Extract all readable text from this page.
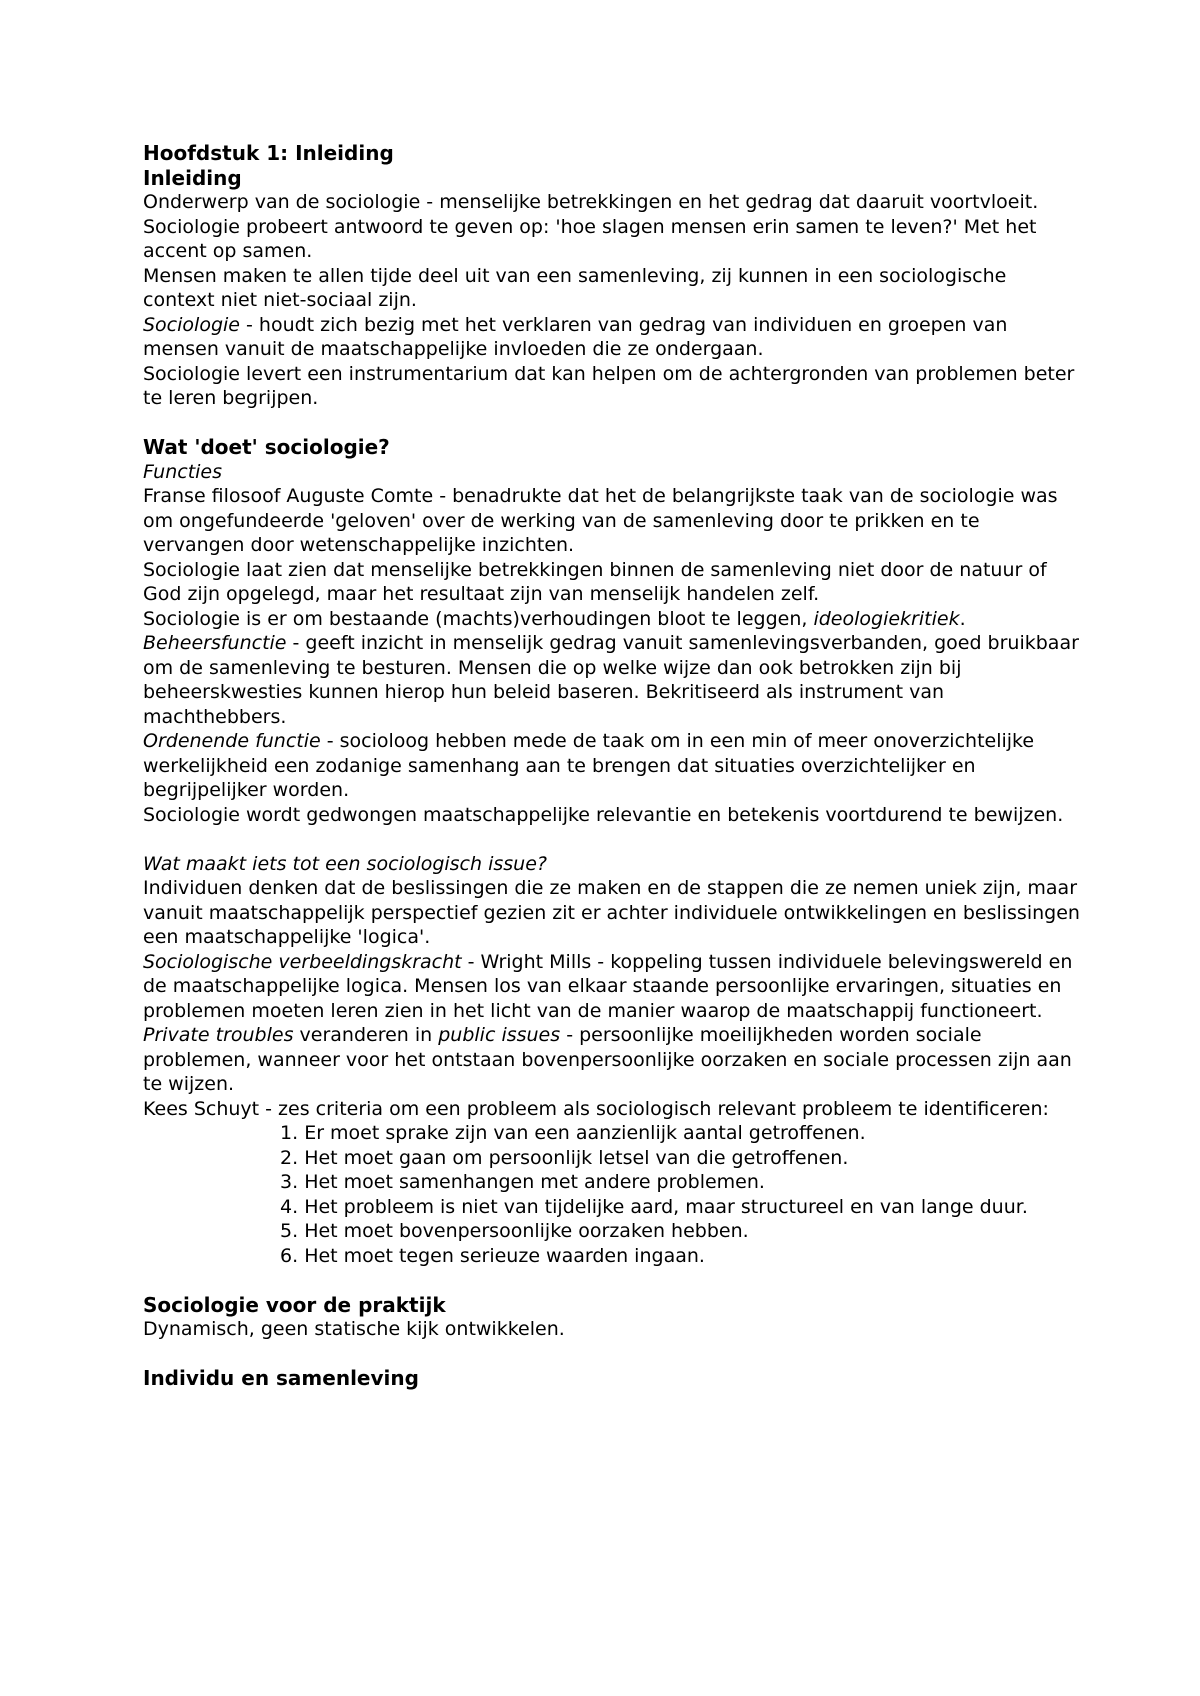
Hoofdstuk 1: Inleiding

Inleiding

Onderwerp van de sociologie - menselijke betrekkingen en het gedrag dat daaruit voortvloeit.

Sociologie probeert antwoord te geven op: 'hoe slagen mensen erin samen te leven?' Met het accent op samen.

Mensen maken te allen tijde deel uit van een samenleving, zij kunnen in een sociologische context niet niet-sociaal zijn.

Sociologie - houdt zich bezig met het verklaren van gedrag van individuen en groepen van mensen vanuit de maatschappelijke invloeden die ze ondergaan.

Sociologie levert een instrumentarium dat kan helpen om de achtergronden van problemen beter te leren begrijpen.

Wat 'doet' sociologie?

Functies

Franse filosoof Auguste Comte - benadrukte dat het de belangrijkste taak van de sociologie was om ongefundeerde 'geloven' over de werking van de samenleving door te prikken en te vervangen door wetenschappelijke inzichten.

Sociologie laat zien dat menselijke betrekkingen binnen de samenleving niet door de natuur of God zijn opgelegd, maar het resultaat zijn van menselijk handelen zelf.

Sociologie is er om bestaande (machts)verhoudingen bloot te leggen, ideologiekritiek.

Beheersfunctie - geeft inzicht in menselijk gedrag vanuit samenlevingsverbanden, goed bruikbaar om de samenleving te besturen. Mensen die op welke wijze dan ook betrokken zijn bij beheerskwesties kunnen hierop hun beleid baseren. Bekritiseerd als instrument van machthebbers.

Ordenende functie - socioloog hebben mede de taak om in een min of meer onoverzichtelijke werkelijkheid een zodanige samenhang aan te brengen dat situaties overzichtelijker en begrijpelijker worden.

Sociologie wordt gedwongen maatschappelijke relevantie en betekenis voortdurend te bewijzen.

Wat maakt iets tot een sociologisch issue?

Individuen denken dat de beslissingen die ze maken en de stappen die ze nemen uniek zijn, maar vanuit maatschappelijk perspectief gezien zit er achter individuele ontwikkelingen en beslissingen een maatschappelijke 'logica'.

Sociologische verbeeldingskracht - Wright Mills - koppeling tussen individuele belevingswereld en de maatschappelijke logica. Mensen los van elkaar staande persoonlijke ervaringen, situaties en problemen moeten leren zien in het licht van de manier waarop de maatschappij functioneert.

Private troubles veranderen in public issues - persoonlijke moeilijkheden worden sociale problemen, wanneer voor het ontstaan bovenpersoonlijke oorzaken en sociale processen zijn aan te wijzen.

Kees Schuyt - zes criteria om een probleem als sociologisch relevant probleem te identificeren:

1. Er moet sprake zijn van een aanzienlijk aantal getroffenen.
2. Het moet gaan om persoonlijk letsel van die getroffenen.
3. Het moet samenhangen met andere problemen.
4. Het probleem is niet van tijdelijke aard, maar structureel en van lange duur.
5. Het moet bovenpersoonlijke oorzaken hebben.
6. Het moet tegen serieuze waarden ingaan.

Sociologie voor de praktijk

Dynamisch, geen statische kijk ontwikkelen.

Individu en samenleving
